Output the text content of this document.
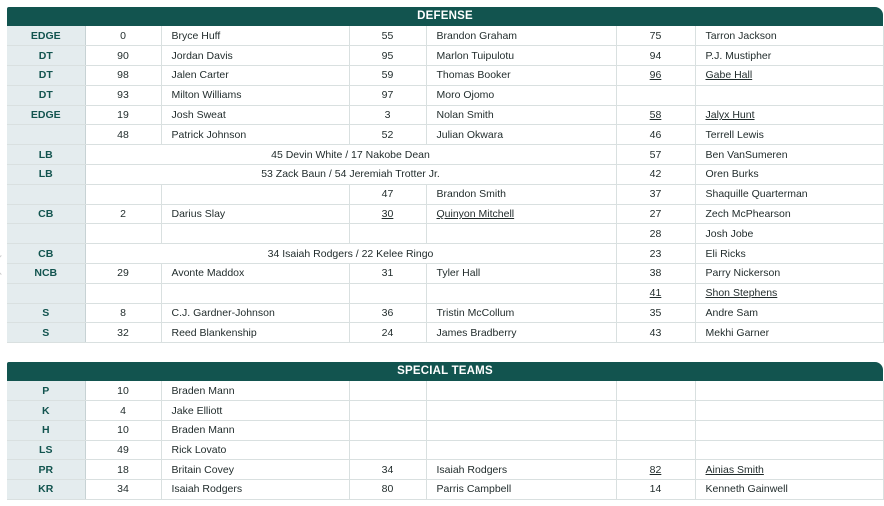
DEFENSE
EDGE	0	Bryce Huff	55	Brandon Graham	75	Tarron Jackson
DT	90	Jordan Davis	95	Marlon Tuipulotu	94	P.J. Mustipher
DT	98	Jalen Carter	59	Thomas Booker	96	Gabe Hall
DT	93	Milton Williams	97	Moro Ojomo		
EDGE	19	Josh Sweat	3	Nolan Smith	58	Jalyx Hunt
	48	Patrick Johnson	52	Julian Okwara	46	Terrell Lewis
LB	45 Devin White / 17 Nakobe Dean				57	Ben VanSumeren
LB	53 Zack Baun / 54 Jeremiah Trotter Jr.				42	Oren Burks
			47	Brandon Smith	37	Shaquille Quarterman
CB	2	Darius Slay	30	Quinyon Mitchell	27	Zech McPhearson
					28	Josh Jobe
CB	34 Isaiah Rodgers / 22 Kelee Ringo				23	Eli Ricks
NCB	29	Avonte Maddox	31	Tyler Hall	38	Parry Nickerson
					41	Shon Stephens
S	8	C.J. Gardner-Johnson	36	Tristin McCollum	35	Andre Sam
S	32	Reed Blankenship	24	James Bradberry	43	Mekhi Garner
SPECIAL TEAMS
P	10	Braden Mann				
K	4	Jake Elliott				
H	10	Braden Mann				
LS	49	Rick Lovato				
PR	18	Britain Covey	34	Isaiah Rodgers	82	Ainias Smith
KR	34	Isaiah Rodgers	80	Parris Campbell	14	Kenneth Gainwell
